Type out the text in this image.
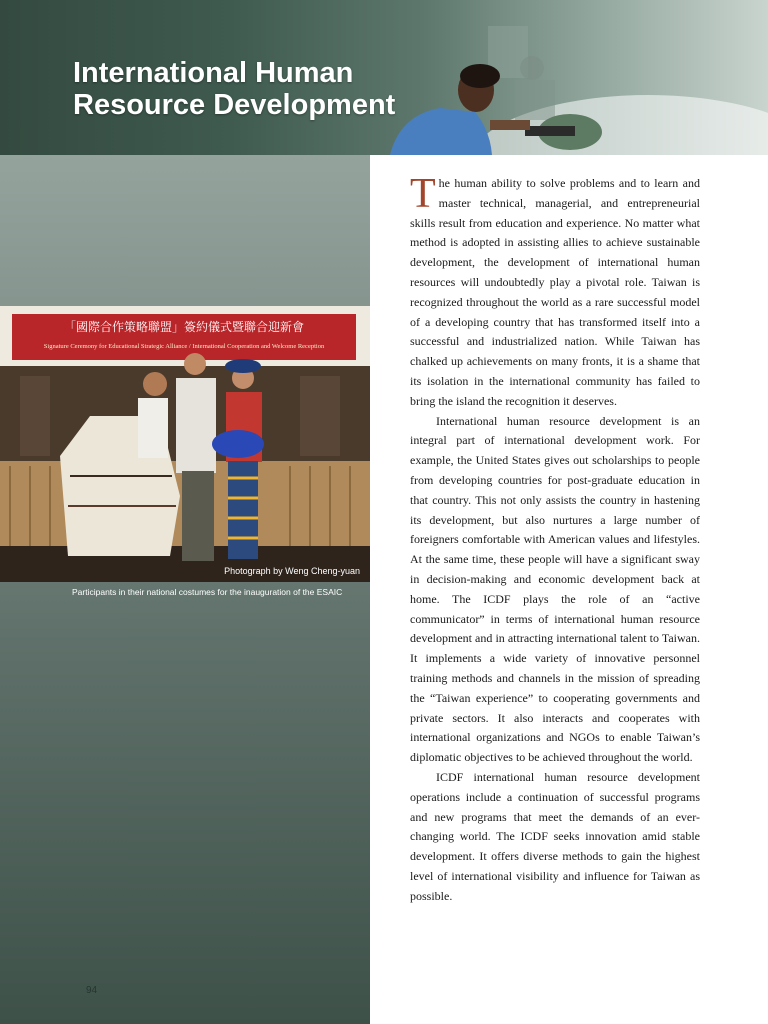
International Human
Resource Development
「國際合作策略聯盟」簽約儀式暨聯合迎新會
Signature Ceremony for Educational Strategic Alliance / International Cooperation and Welcome Reception
Photograph by Weng Cheng-yuan
Participants in their national costumes for the inauguration of the ESAIC
94

The human ability to solve problems and to learn and master technical, managerial, and entrepreneurial skills result from education and experience. No matter what method is adopted in assisting allies to achieve sustainable development, the development of international human resources will undoubtedly play a pivotal role. Taiwan is recognized throughout the world as a rare successful model of a developing country that has transformed itself into a successful and industrialized nation. While Taiwan has chalked up achievements on many fronts, it is a shame that its isolation in the international community has failed to bring the island the recognition it deserves.

International human resource development is an integral part of international development work. For example, the United States gives out scholarships to people from developing countries for post-graduate education in that country. This not only assists the country in hastening its development, but also nurtures a large number of foreigners comfortable with American values and lifestyles. At the same time, these people will have a significant sway in decision-making and economic development back at home. The ICDF plays the role of an “active communicator” in terms of international human resource development and in attracting international talent to Taiwan. It implements a wide variety of innovative personnel training methods and channels in the mission of spreading the “Taiwan experience” to cooperating governments and private sectors. It also interacts and cooperates with international organizations and NGOs to enable Taiwan’s diplomatic objectives to be achieved throughout the world.

ICDF international human resource development operations include a continuation of successful programs and new programs that meet the demands of an ever-changing world. The ICDF seeks innovation amid stable development. It offers diverse methods to gain the highest level of international visibility and influence for Taiwan as possible.
